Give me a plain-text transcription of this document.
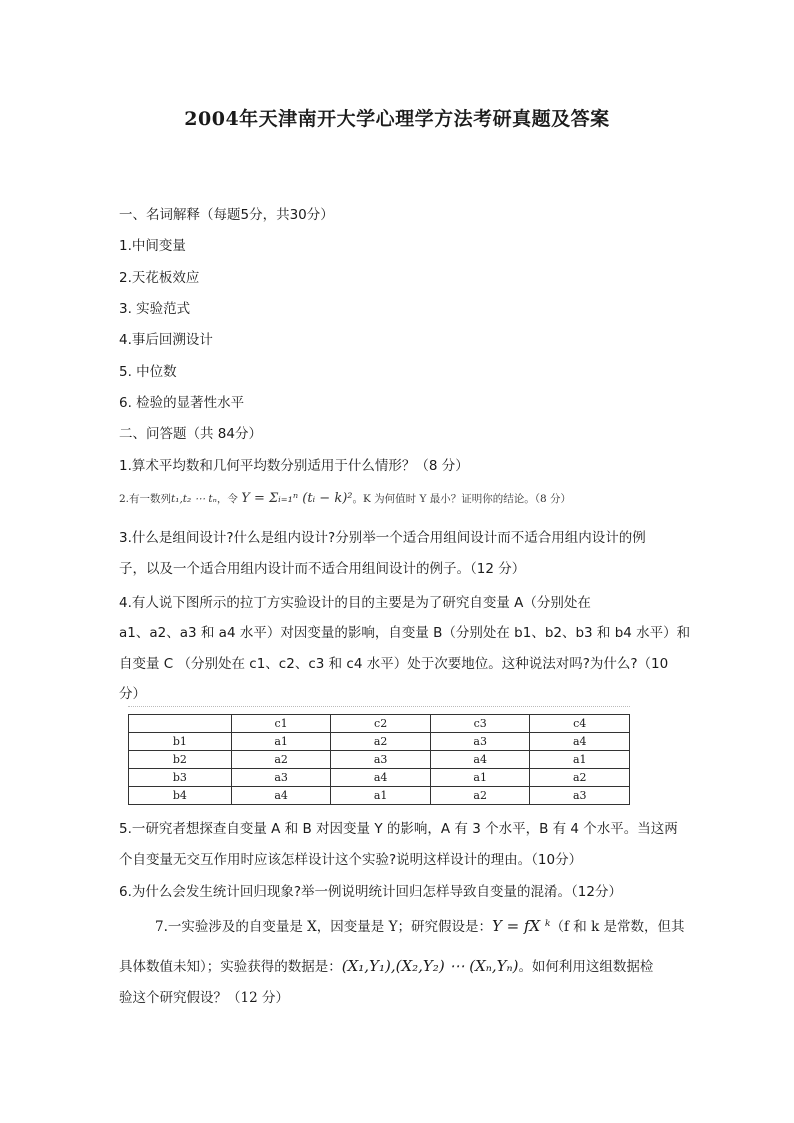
2004年天津南开大学心理学方法考研真题及答案
一、名词解释（每题5分，共30分）
1.中间变量
2.天花板效应
3. 实验范式
4.事后回溯设计
5. 中位数
6. 检验的显著性水平
二、问答题（共 84分）
1.算术平均数和几何平均数分别适用于什么情形？（8 分）
2.有一数列t₁,t₂ ⋯ tₙ，令 Y = Σᵢ₌₁ⁿ (tᵢ − k)²。K 为何值时 Y 最小？证明你的结论。（8 分）
3.什么是组间设计?什么是组内设计?分别举一个适合用组间设计而不适合用组内设计的例
子，以及一个适合用组内设计而不适合用组间设计的例子。（12 分）
4.有人说下图所示的拉丁方实验设计的目的主要是为了研究自变量 A（分别处在
a1、a2、a3 和 a4 水平）对因变量的影响，自变量 B（分别处在 b1、b2、b3 和 b4 水平）和
自变量 C （分别处在 c1、c2、c3 和 c4 水平）处于次要地位。这种说法对吗?为什么?（10
分）
	c1	c2	c3	c4
b1	a1	a2	a3	a4
b2	a2	a3	a4	a1
b3	a3	a4	a1	a2
b4	a4	a1	a2	a3
5.一研究者想探查自变量 A 和 B 对因变量 Y 的影响，A 有 3 个水平，B 有 4 个水平。当这两
个自变量无交互作用时应该怎样设计这个实验?说明这样设计的理由。（10分）
6.为什么会发生统计回归现象?举一例说明统计回归怎样导致自变量的混淆。（12分）
7.一实验涉及的自变量是 X，因变量是 Y；研究假设是：Y = fX ᵏ（f 和 k 是常数，但其
具体数值未知）；实验获得的数据是：(X₁,Y₁),(X₂,Y₂) ⋯ (Xₙ,Yₙ)。如何利用这组数据检
验这个研究假设？（12 分）
